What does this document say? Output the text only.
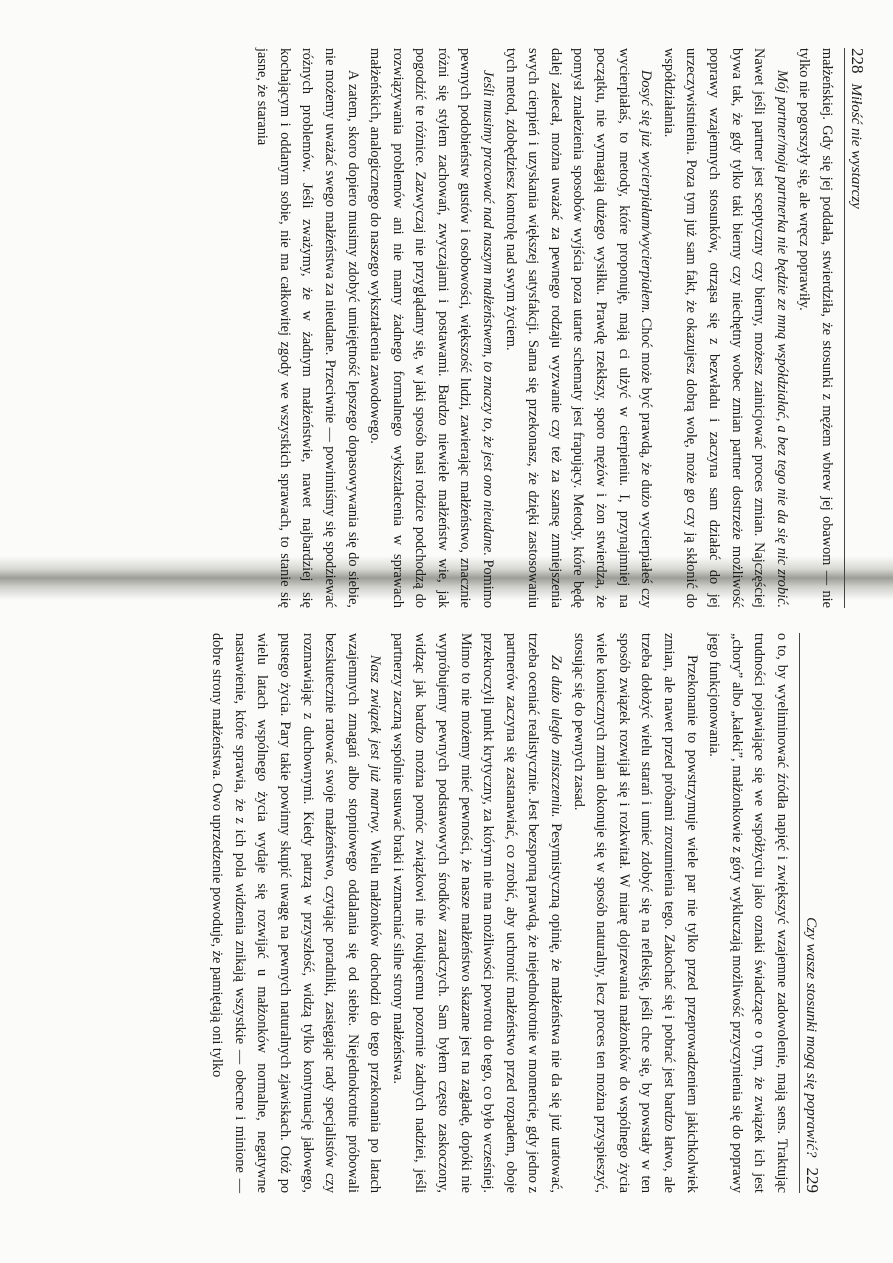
228
Miłość nie wystarczy

małżeńskiej. Gdy się jej poddała, stwierdziła, że stosunki z mężem wbrew jej obawom — nie tylko nie pogorszyły się, ale wręcz poprawiły.

Mój partner/moja partnerka nie będzie ze mną współdziałać, a bez tego nie da się nic zrobić. Nawet jeśli partner jest sceptyczny czy bierny, możesz zainicjować proces zmian. Najczęściej bywa tak, że gdy tylko taki bierny czy niechętny wobec zmian partner dostrzeże możliwość poprawy wzajemnych stosunków, otrząsa się z bezwładu i zaczyna sam działać do jej urzeczywistnienia. Poza tym już sam fakt, że okazujesz dobrą wolę, może go czy ją skłonić do współdziałania.

Dosyć się już wycierpiałam/wycierpiałem. Choć może być prawdą, że dużo wycierpiałeś czy wycierpiałaś, to metody, które proponuję, mają ci ulżyć w cierpieniu. I, przynajmniej na początku, nie wymagają dużego wysiłku. Prawdę rzekłszy, sporo mężów i żon stwierdza, że pomysł znalezienia sposobów wyjścia poza utarte schematy jest frapujący. Metody, które będę dalej zalecał, można uważać za pewnego rodzaju wyzwanie czy też za szansę zmniejszenia swych cierpień i uzyskania większej satysfakcji. Sama się przekonasz, że dzięki zastosowaniu tych metod, zdobędziesz kontrolę nad swym życiem.

Jeśli musimy pracować nad naszym małżeństwem, to znaczy to, że jest ono nieudane. Pomimo pewnych podobieństw gustów i osobowości, większość ludzi, zawierając małżeństwo, znacznie różni się stylem zachowań, zwyczajami i postawami. Bardzo niewiele małżeństw wie, jak pogodzić te różnice. Zazwyczaj nie przyglądamy się, w jaki sposób nasi rodzice podchodzą do rozwiązywania problemów ani nie mamy żadnego formalnego wykształcenia w sprawach małżeńskich, analogicznego do naszego wykształcenia zawodowego.

A zatem, skoro dopiero musimy zdobyć umiejętność lepszego dopasowywania się do siebie, nie możemy uważać swego małżeństwa za nieudane. Przeciwnie — powinniśmy się spodziewać różnych problemów. Jeśli zważymy, że w żadnym małżeństwie, nawet najbardziej się kochającym i oddanym sobie, nie ma całkowitej zgody we wszystkich sprawach, to stanie się jasne, że starania

Czy wasze stosunki mogą się poprawić?
229

o to, by wyeliminować źródła napięć i zwiększyć wzajemne zadowolenie, mają sens. Traktując trudności pojawiające się we współżyciu jako oznaki świadczące o tym, że związek ich jest „chory” albo „kaleki”, małżonkowie z góry wykluczają możliwość przyczynienia się do poprawy jego funkcjonowania.

Przekonanie to powstrzymuje wiele par nie tylko przed przeprowadzeniem jakichkolwiek zmian, ale nawet przed próbami zrozumienia tego. Zakochać się i pobrać jest bardzo łatwo, ale trzeba dołożyć wielu starań i umieć zdobyć się na refleksję, jeśli chce się, by powstały w ten sposób związek rozwijał się i rozkwitał. W miarę dojrzewania małżonków do wspólnego życia wiele koniecznych zmian dokonuje się w sposób naturalny, lecz proces ten można przyspieszyć, stosując się do pewnych zasad.

Za dużo uległo zniszczeniu. Pesymistyczną opinię, że małżeństwa nie da się już uratować, trzeba oceniać realistycznie. Jest bezsporną prawdą, że niejednokrotnie w momencie, gdy jedno z partnerów zaczyna się zastanawiać, co zrobić, aby uchronić małżeństwo przed rozpadem, oboje przekroczyli punkt krytyczny, za którym nie ma możliwości powrotu do tego, co było wcześniej. Mimo to nie możemy mieć pewności, że nasze małżeństwo skazane jest na zagładę, dopóki nie wypróbujemy pewnych podstawowych środków zaradczych. Sam byłem często zaskoczony, widząc jak bardzo można pomóc związkowi nie rokującemu pozornie żadnych nadziei, jeśli partnerzy zaczną wspólnie usuwać braki i wzmacniać silne strony małżeństwa.

Nasz związek jest już martwy. Wielu małżonków dochodzi do tego przekonania po latach wzajemnych zmagań albo stopniowego oddalania się od siebie. Niejednokrotnie próbowali bezskutecznie ratować swoje małżeństwo, czytając poradniki, zasięgając rady specjalistów czy rozmawiając z duchownymi. Kiedy patrzą w przyszłość, widzą tylko kontynuację jałowego, pustego życia. Pary takie powinny skupić uwagę na pewnych naturalnych zjawiskach. Otóż po wielu latach wspólnego życia wydaje się rozwijać u małżonków normalne, negatywne nastawienie, które sprawia, że z ich pola widzenia znikają wszystkie — obecne i minione — dobre strony małżeństwa. Owo uprzedzenie powoduje, że pamiętają oni tylko
